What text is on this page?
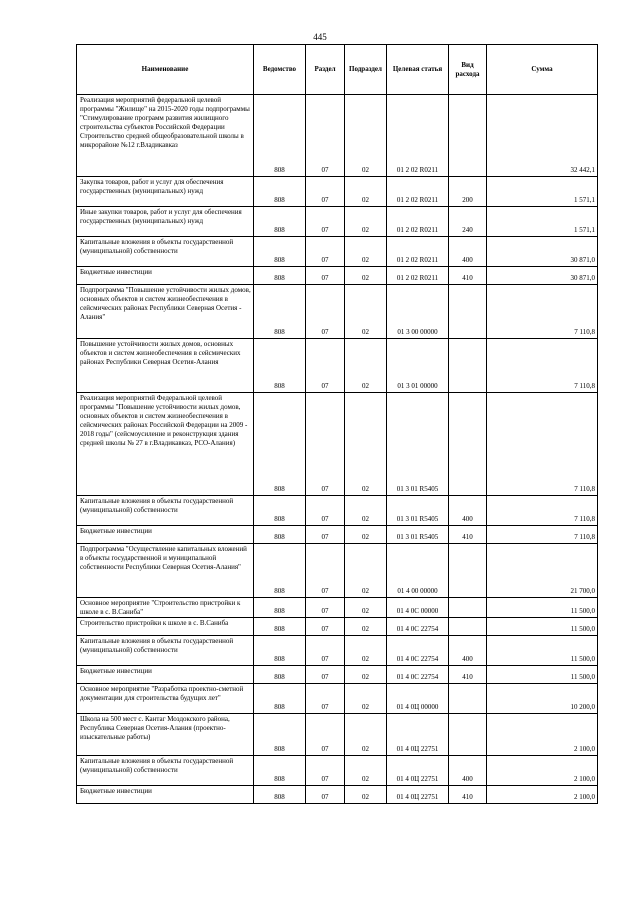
445
Наименование	Ведомство	Раздел	Подраздел	Целевая статья	Вид расхода	Сумма
Реализация мероприятий федеральной целевой программы "Жилище" на 2015-2020 годы подпрограммы "Стимулирование программ развития жилищного строительства субъектов Российской Федерации Строительство средней общеобразовательной школы в микрорайоне №12 г.Владикавказ	808	07	02	01 2 02 R0211		32 442,1
Закупка товаров, работ и услуг для обеспечения государственных (муниципальных) нужд	808	07	02	01 2 02 R0211	200	1 571,1
Иные закупки товаров, работ и услуг для обеспечения государственных (муниципальных) нужд	808	07	02	01 2 02 R0211	240	1 571,1
Капитальные вложения в объекты государственной (муниципальной) собственности	808	07	02	01 2 02 R0211	400	30 871,0
Бюджетные инвестиции	808	07	02	01 2 02 R0211	410	30 871,0
Подпрограмма "Повышение устойчивости жилых домов, основных объектов и систем жизнеобеспечения в сейсмических районах Республики Северная Осетия - Алания"	808	07	02	01 3 00 00000		7 110,8
Повышение устойчивости жилых домов, основных объектов и систем жизнеобеспечения в сейсмических районах Республики Северная Осетия-Алания	808	07	02	01 3 01 00000		7 110,8
Реализация мероприятий Федеральной целевой программы "Повышение устойчивости жилых домов, основных объектов и систем жизнеобеспечения в сейсмических районах Российской Федерации на 2009 - 2018 годы" (сейсмоусиление и реконструкция здания средней школы № 27 в г.Владикавказ, РСО-Алания)	808	07	02	01 3 01 R5405		7 110,8
Капитальные вложения в объекты государственной (муниципальной) собственности	808	07	02	01 3 01 R5405	400	7 110,8
Бюджетные инвестиции	808	07	02	01 3 01 R5405	410	7 110,8
Подпрограмма "Осуществление капитальных вложений в объекты государственной и муниципальной собственности Республики Северная Осетия-Алания"	808	07	02	01 4 00 00000		21 700,0
Основное мероприятие "Строительство пристройки к школе в с. В.Саниба"	808	07	02	01 4 0С 00000		11 500,0
Строительство пристройки к школе в с. В.Саниба	808	07	02	01 4 0С 22754		11 500,0
Капитальные вложения в объекты государственной (муниципальной) собственности	808	07	02	01 4 0С 22754	400	11 500,0
Бюджетные инвестиции	808	07	02	01 4 0С 22754	410	11 500,0
Основное мероприятие "Разработка проектно-сметной документации для строительства будущих лет"	808	07	02	01 4 0Ц 00000		10 200,0
Школа на 500 мест с. Кантаг Моздокского района, Республика Северная Осетия-Алания (проектно-изыскательные работы)	808	07	02	01 4 0Ц 22751		2 100,0
Капитальные вложения в объекты государственной (муниципальной) собственности	808	07	02	01 4 0Ц 22751	400	2 100,0
Бюджетные инвестиции	808	07	02	01 4 0Ц 22751	410	2 100,0
